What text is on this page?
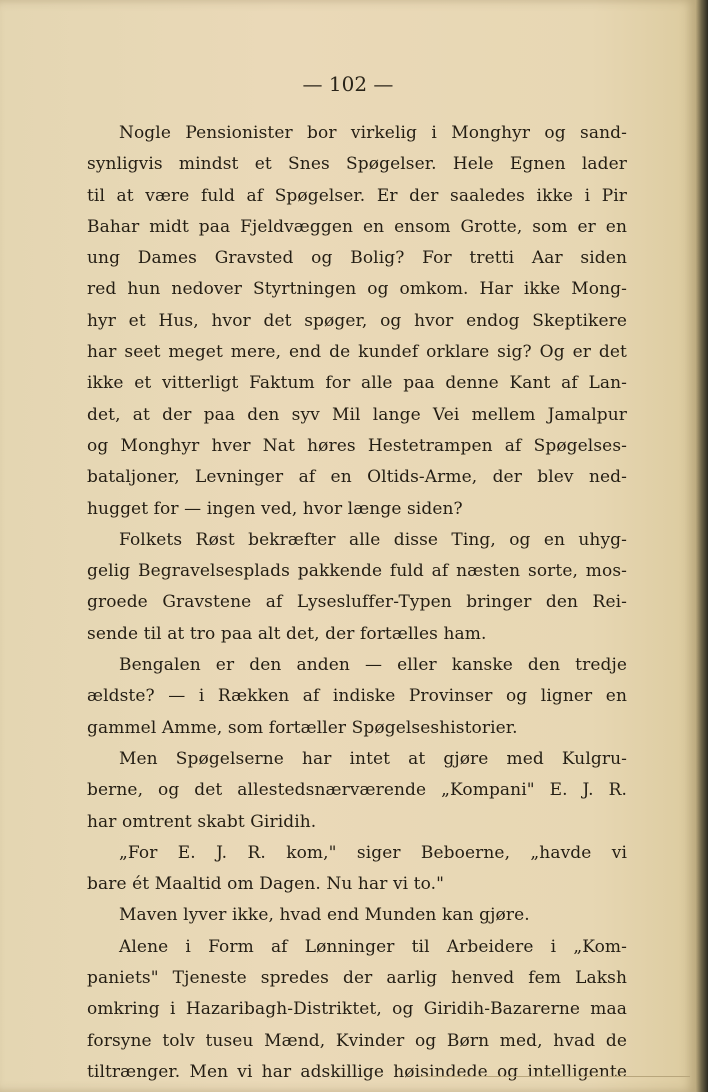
— 102 —
Nogle Pensionister bor virkelig i Monghyr og sand-
synligvis mindst et Snes Spøgelser. Hele Egnen lader
til at være fuld af Spøgelser. Er der saaledes ikke i Pir
Bahar midt paa Fjeldvæggen en ensom Grotte, som er en
ung Dames Gravsted og Bolig? For tretti Aar siden
red hun nedover Styrtningen og omkom. Har ikke Mong-
hyr et Hus, hvor det spøger, og hvor endog Skeptikere
har seet meget mere, end de kundef orklare sig? Og er det
ikke et vitterligt Faktum for alle paa denne Kant af Lan-
det, at der paa den syv Mil lange Vei mellem Jamalpur
og Monghyr hver Nat høres Hestetrampen af Spøgelses-
bataljoner, Levninger af en Oltids-Arme, der blev ned-
hugget for — ingen ved, hvor længe siden?
Folkets Røst bekræfter alle disse Ting, og en uhyg-
gelig Begravelsesplads pakkende fuld af næsten sorte, mos-
groede Gravstene af Lysesluffer-Typen bringer den Rei-
sende til at tro paa alt det, der fortælles ham.
Bengalen er den anden — eller kanske den tredje
ældste? — i Rækken af indiske Provinser og ligner en
gammel Amme, som fortæller Spøgelseshistorier.
Men Spøgelserne har intet at gjøre med Kulgru-
berne, og det allestedsnærværende „Kompani" E. J. R.
har omtrent skabt Giridih.
„For E. J. R. kom," siger Beboerne, „havde vi
bare ét Maaltid om Dagen. Nu har vi to."
Maven lyver ikke, hvad end Munden kan gjøre.
Alene i Form af Lønninger til Arbeidere i „Kom-
paniets" Tjeneste spredes der aarlig henved fem Laksh
omkring i Hazaribagh-Distriktet, og Giridih-Bazarerne maa
forsyne tolv tuseu Mænd, Kvinder og Børn med, hvad de
tiltrænger. Men vi har adskillige høisindede og intelligente
